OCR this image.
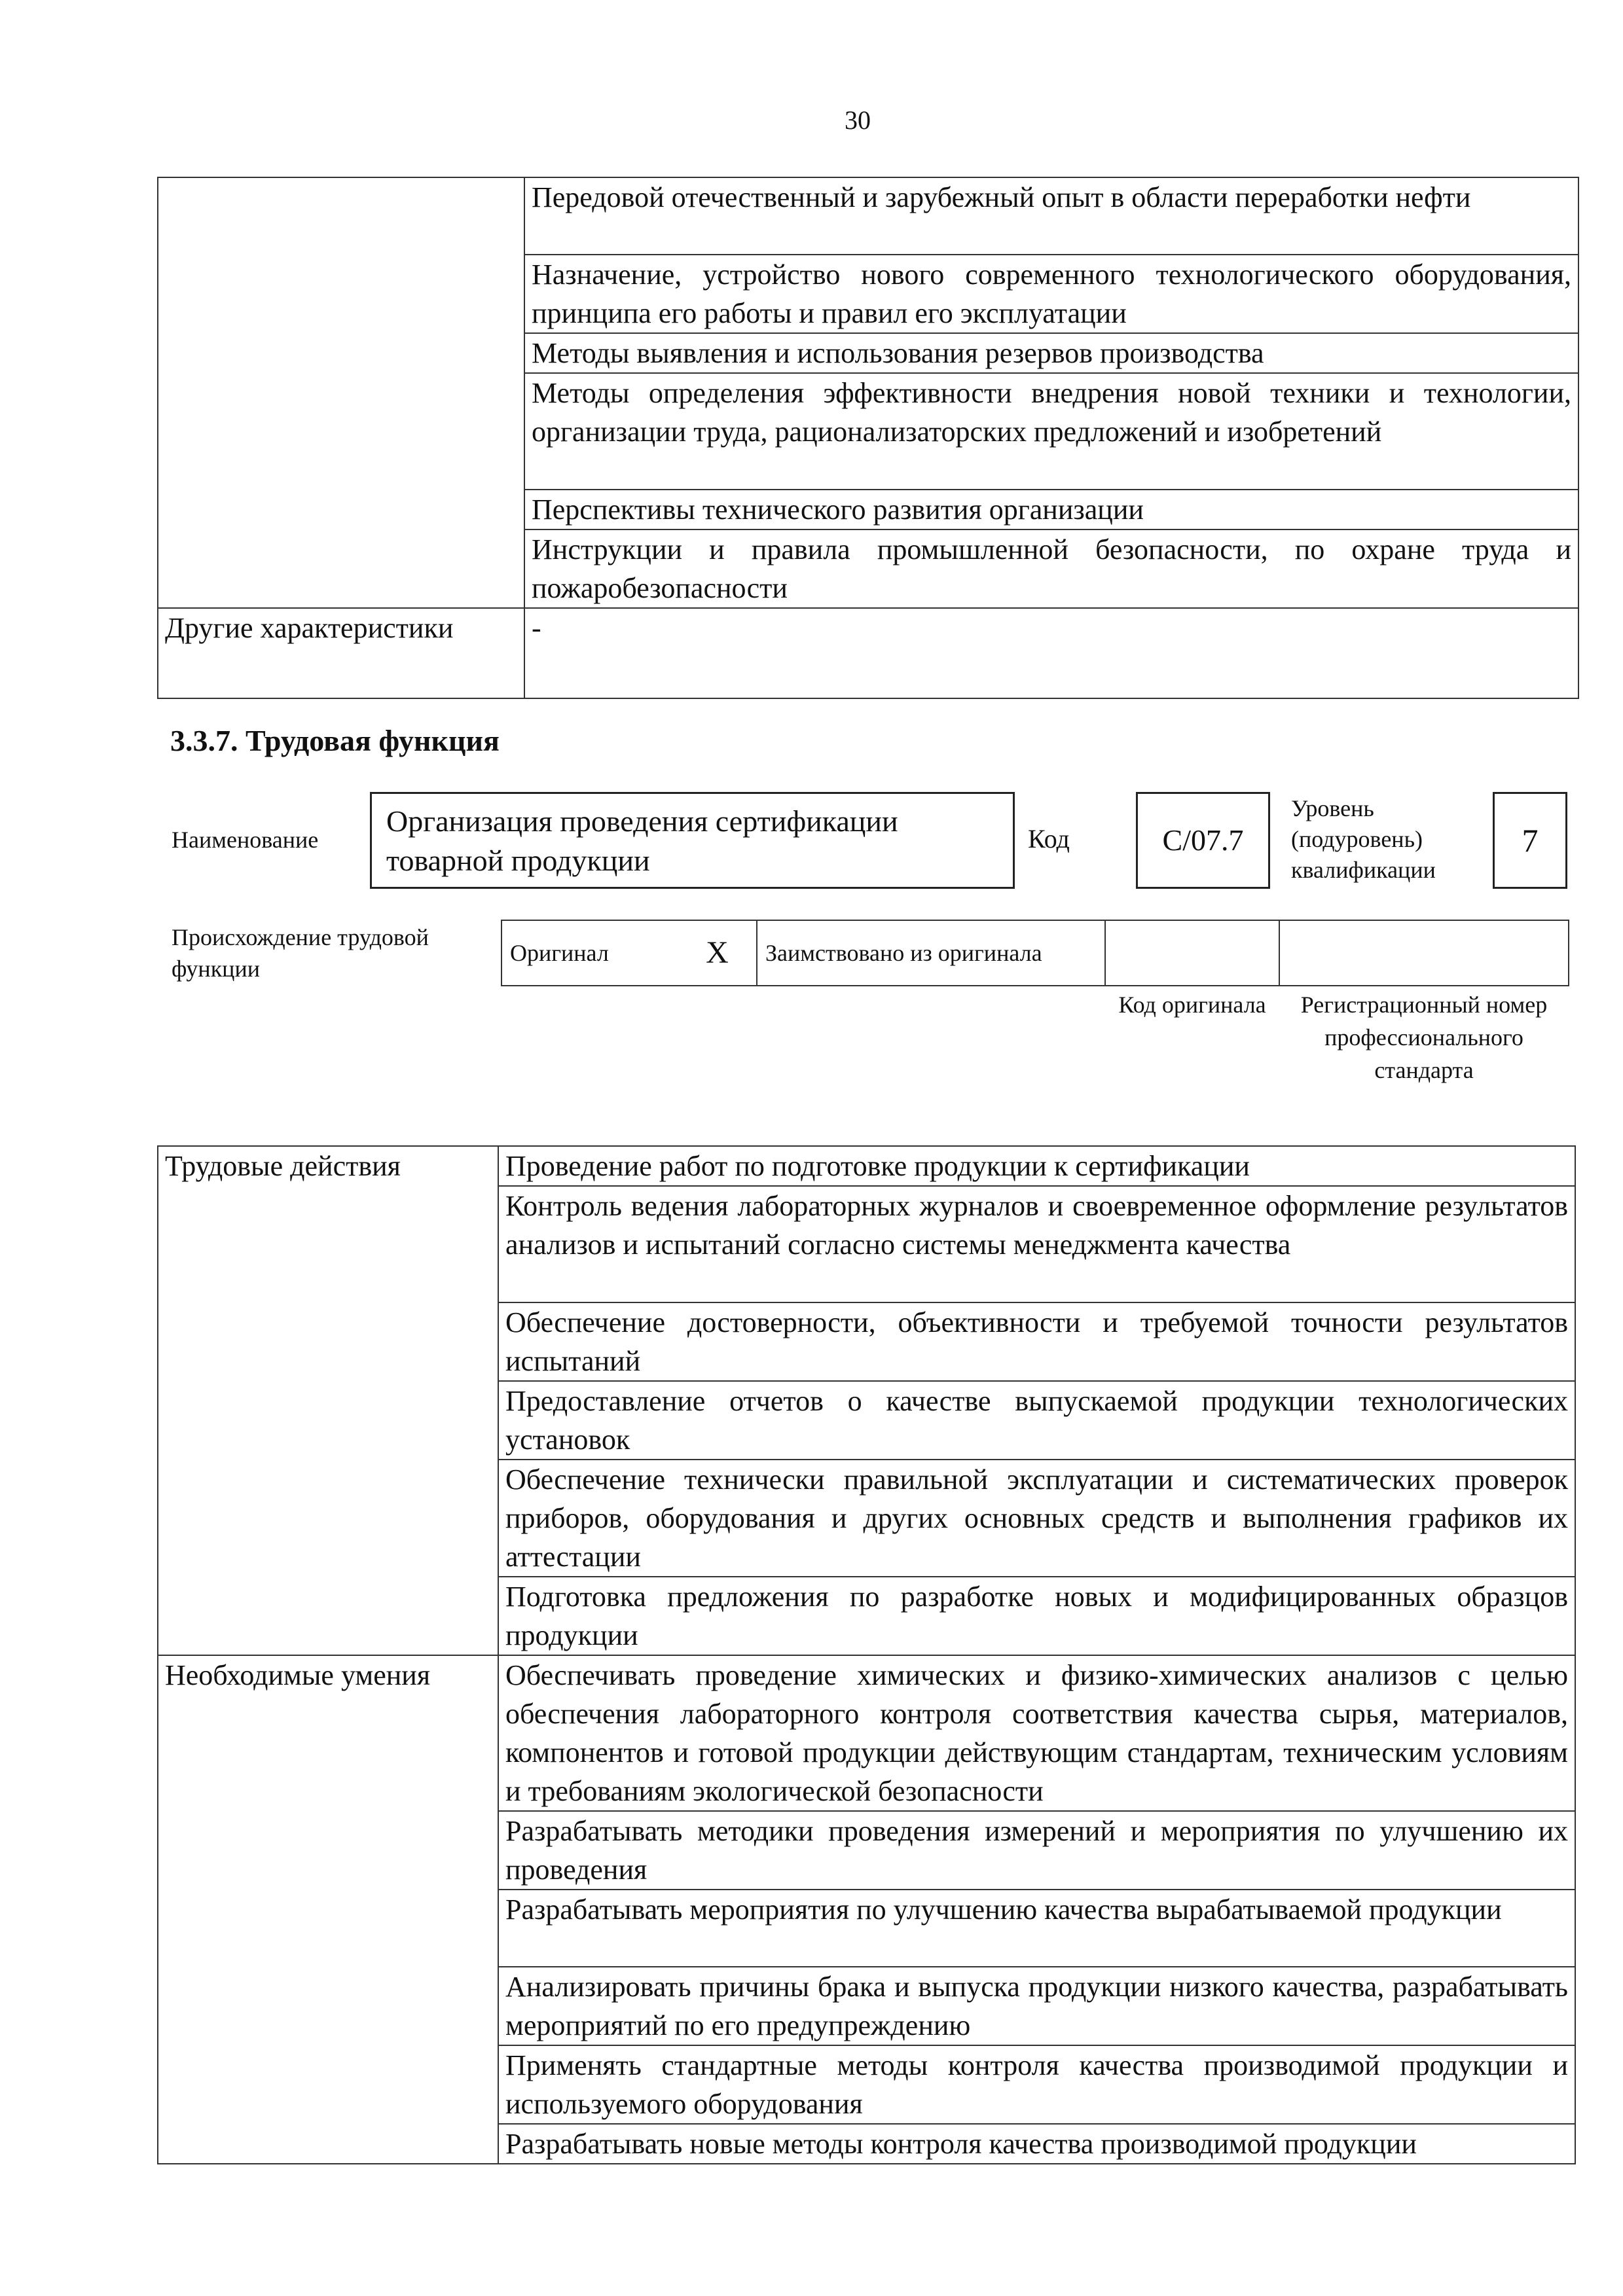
30
	Передовой отечественный и зарубежный опыт в области переработки нефти
	Назначение, устройство нового современного технологического оборудования, принципа его работы и правил его эксплуатации
	Методы выявления и использования резервов производства
	Методы определения эффективности внедрения новой техники и технологии, организации труда, рационализаторских предложений и изобретений
	Перспективы технического развития организации
	Инструкции и правила промышленной безопасности, по охране труда и пожаробезопасности
Другие характеристики	-
3.3.7. Трудовая функция
Наименование
Организация проведения сертификации товарной продукции
Код	C/07.7
Уровень (подуровень) квалификации
7
Происхождение трудовой функции
Оригинал	X	Заимствовано из оригинала		
Код оригинала	Регистрационный номер профессионального стандарта
Трудовые действия	Проведение работ по подготовке продукции к сертификации
	Контроль ведения лабораторных журналов и своевременное оформление результатов анализов и испытаний согласно системы менеджмента качества
	Обеспечение достоверности, объективности и требуемой точности результатов испытаний
	Предоставление отчетов о качестве выпускаемой продукции технологических установок
	Обеспечение технически правильной эксплуатации и систематических проверок приборов, оборудования и других основных средств и выполнения графиков их аттестации
	Подготовка предложения по разработке новых и модифицированных образцов продукции
Необходимые умения	Обеспечивать проведение химических и физико-химических анализов с целью обеспечения лабораторного контроля соответствия качества сырья, материалов, компонентов и готовой продукции действующим стандартам, техническим условиям и требованиям экологической безопасности
	Разрабатывать методики проведения измерений и мероприятия по улучшению их проведения
	Разрабатывать мероприятия по улучшению качества вырабатываемой продукции
	Анализировать причины брака и выпуска продукции низкого качества, разрабатывать мероприятий по его предупреждению
	Применять стандартные методы контроля качества производимой продукции и используемого оборудования
	Разрабатывать новые методы контроля качества производимой продукции
